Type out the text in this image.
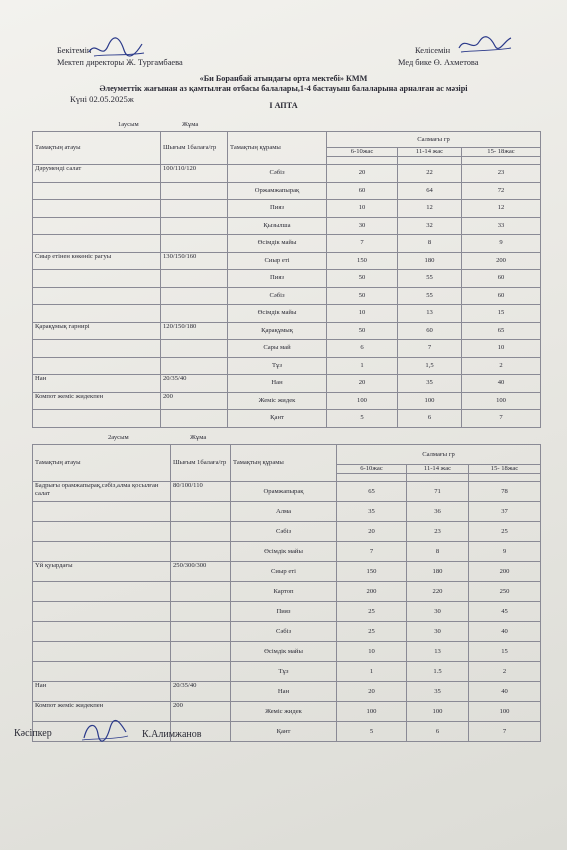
Бекітемін
Мектеп директоры Ж. Тургамбаева
Келісемін
Мед бике Ө. Ахметова
«Би Боранбай атындағы орта мектебі» КММ
Әлеуметтік жағынан аз қамтылған отбасы балалары,1-4 бастауыш балаларына арналған ас мәзірі
Күні 02.05.2025ж
I АПТА
1аусым	Жұма
Тамақтың атауы	Шығым 1балаға/гр	Тамақтың құрамы	Салмағы гр		
			6-10жас	11-14 жас	15- 18жас

Дәрумендi салат	100/110/120	Сәбіз	20	22	23
		Оржамжапырақ	60	64	72
		Пияз	10	12	12
		Қызылша	30	32	33
		Өсімдік майы	7	8	9
Сиыр етінен көкөніс рагуы	130/150/160	Сиыр еті	150	180	200
		Пияз	50	55	60
		Сәбіз	50	55	60
		Өсімдік майы	10	13	15
Қарақұмық гарнирі	120/150/180	Қарақұмық	50	60	65
		Сары май	6	7	10
		Тұз	1	1,5	2
Нан	20/35/40	Нан	20	35	40
Компот жеміс жидекпен	200	Жеміс жидек	100	100	100
		Қант	5	6	7
2аусым	Жұма
Тамақтың атауы	Шығым 1балаға/гр	Тамақтың құрамы	Салмағы гр		
			6-10жас	11-14 жас	15- 18жас

Бадрығы орамжапырақ,сәбіз,алма қосылған салат	80/100/110	Орамжапырақ	65	71	78
		Алма	35	36	37
		Сәбіз	20	23	25
		Өсімдік майы	7	8	9
Үй қуырдағы	250/300/300	Сиыр еті	150	180	200
		Картоп	200	220	250
		Пияз	25	30	45
		Сәбіз	25	30	40
		Өсімдік майы	10	13	15
		Тұз	1	1.5	2
Нан	20/35/40	Нан	20	35	40
Компот жеміс жидекпен	200	Жеміс жидек	100	100	100
		Қант	5	6	7
Кәсіпкер	К.Алимжанов
